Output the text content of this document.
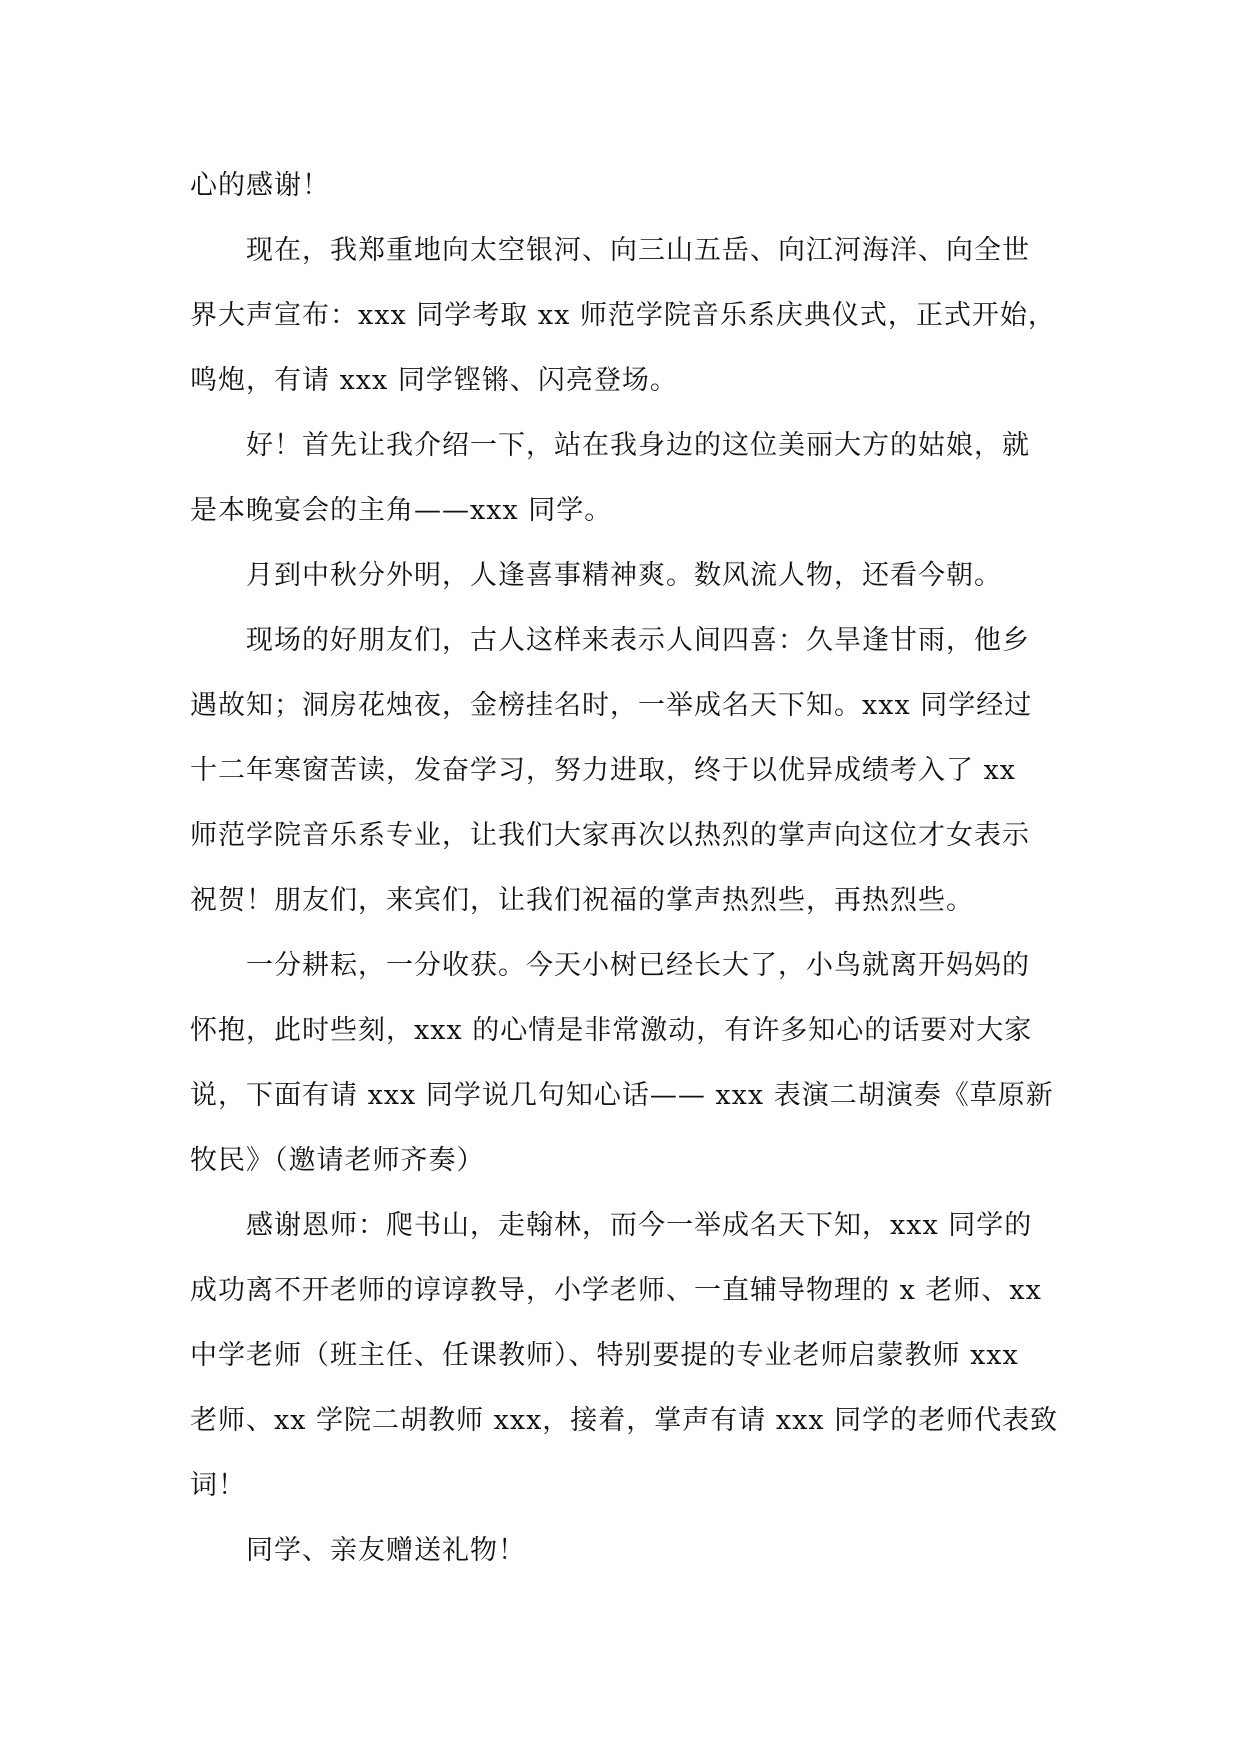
心的感谢！
现在，我郑重地向太空银河、向三山五岳、向江河海洋、向全世
界大声宣布：xxx 同学考取 xx 师范学院音乐系庆典仪式，正式开始，
鸣炮，有请 xxx 同学铿锵、闪亮登场。
好！首先让我介绍一下，站在我身边的这位美丽大方的姑娘，就
是本晚宴会的主角——xxx 同学。
月到中秋分外明，人逢喜事精神爽。数风流人物，还看今朝。
现场的好朋友们，古人这样来表示人间四喜：久旱逢甘雨，他乡
遇故知；洞房花烛夜，金榜挂名时，一举成名天下知。xxx 同学经过
十二年寒窗苦读，发奋学习，努力进取，终于以优异成绩考入了 xx
师范学院音乐系专业，让我们大家再次以热烈的掌声向这位才女表示
祝贺！朋友们，来宾们，让我们祝福的掌声热烈些，再热烈些。
一分耕耘，一分收获。今天小树已经长大了，小鸟就离开妈妈的
怀抱，此时些刻，xxx 的心情是非常激动，有许多知心的话要对大家
说，下面有请 xxx 同学说几句知心话—— xxx 表演二胡演奏《草原新
牧民》（邀请老师齐奏）
感谢恩师：爬书山，走翰林，而今一举成名天下知，xxx 同学的
成功离不开老师的谆谆教导，小学老师、一直辅导物理的 x 老师、xx
中学老师（班主任、任课教师）、特别要提的专业老师启蒙教师 xxx
老师、xx 学院二胡教师 xxx，接着，掌声有请 xxx 同学的老师代表致
词！
同学、亲友赠送礼物！
